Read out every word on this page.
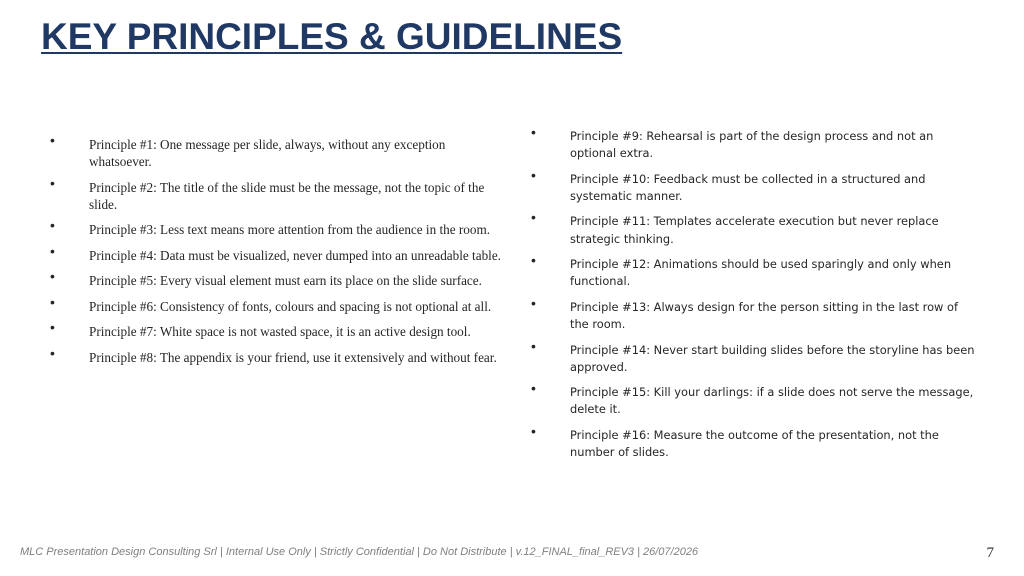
KEY PRINCIPLES & GUIDELINES
•	Principle #1: One message per slide, always, without any exception whatsoever.
•	Principle #2: The title of the slide must be the message, not the topic of the slide.
•	Principle #3: Less text means more attention from the audience in the room.
•	Principle #4: Data must be visualized, never dumped into an unreadable table.
•	Principle #5: Every visual element must earn its place on the slide surface.
•	Principle #6: Consistency of fonts, colours and spacing is not optional at all.
•	Principle #7: White space is not wasted space, it is an active design tool.
•	Principle #8: The appendix is your friend, use it extensively and without fear.
•	Principle #9: Rehearsal is part of the design process and not an optional extra.
•	Principle #10: Feedback must be collected in a structured and systematic manner.
•	Principle #11: Templates accelerate execution but never replace strategic thinking.
•	Principle #12: Animations should be used sparingly and only when functional.
•	Principle #13: Always design for the person sitting in the last row of the room.
•	Principle #14: Never start building slides before the storyline has been approved.
•	Principle #15: Kill your darlings: if a slide does not serve the message, delete it.
•	Principle #16: Measure the outcome of the presentation, not the number of slides.
MLC Presentation Design Consulting Srl | Internal Use Only | Strictly Confidential | Do Not Distribute | v.12_FINAL_final_REV3 | 26/07/2026	7
